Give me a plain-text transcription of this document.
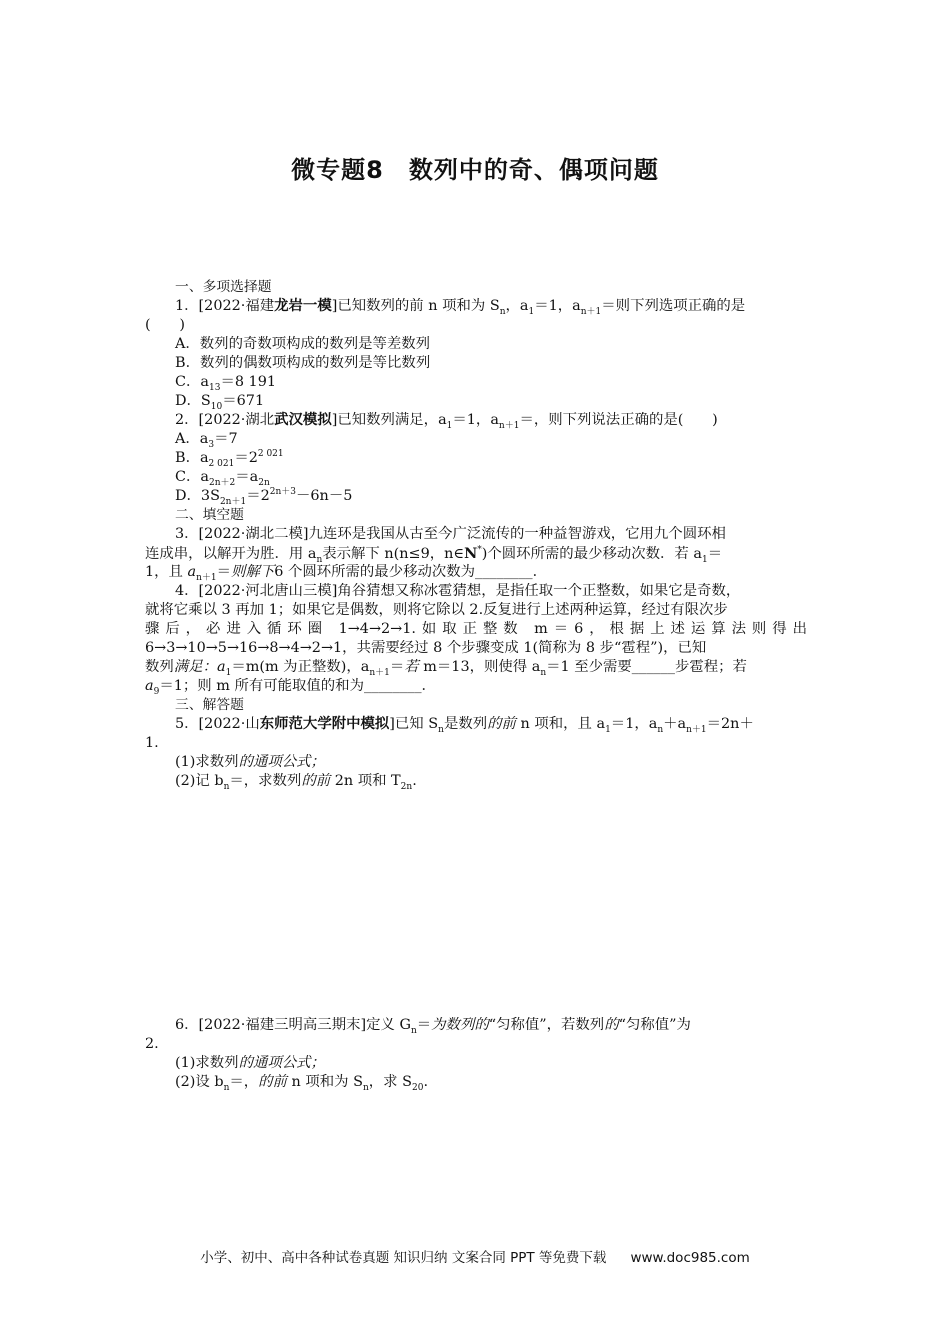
微专题8　数列中的奇、偶项问题
一、多项选择题
1．[2022·福建龙岩一模]已知数列的前 n 项和为 $S_n$，$a_1=1$，$a_{n+1}=$则下列选项正确的是
(　　)
A．数列的奇数项构成的数列是等差数列
B．数列的偶数项构成的数列是等比数列
C．$a_{13}=8$ 191
D．$S_{10}=671$
2．[2022·湖北武汉模拟]已知数列满足，$a_1=1$，$a_{n+1}=$，则下列说法正确的是(　　)
A．$a_3=7$
B．$a_{2 021}=2^{2 021}$
C．$a_{2n+2}=a_{2n}$
D．$3S_{2n+1}=2^{2n+3}-6n-5$
二、填空题
3．[2022·湖北二模]九连环是我国从古至今广泛流传的一种益智游戏，它用九个圆环相
连成串，以解开为胜．用 $a_n$表示解下 n(n≤9，n∈N*)个圆环所需的最少移动次数．若 $a_1=$
1，且 $a_{n+1}=$则解下6 个圆环所需的最少移动次数为________．
4．[2022·河北唐山三模]角谷猜想又称冰雹猜想，是指任取一个正整数，如果它是奇数，
就将它乘以 3 再加 1；如果它是偶数，则将它除以 2.反复进行上述两种运算，经过有限次步
骤后，必进入循环圈 1→4→2→1.如取正整数 m＝6，根据上述运算法则得出
6→3→10→5→16→8→4→2→1，共需要经过 8 个步骤变成 1(简称为 8 步“雹程”)，已知
数列满足：$a_1=m(m$ 为正整数)，$a_{n+1}=$若 m＝13，则使得 $a_n=1$ 至少需要______步雹程；若
$a_9=1$；则 m 所有可能取值的和为________．
三、解答题
5．[2022·山东师范大学附中模拟]已知 $S_n$是数列的前 n 项和，且 $a_1=1$，$a_n+a_{n+1}=2n+$
1.
(1)求数列的通项公式；
(2)记 $b_n=$，求数列的前 2n 项和 $T_{2n}$.
6．[2022·福建三明高三期末]定义 $G_n=$为数列的“匀称值”，若数列的“匀称值”为
2.
(1)求数列的通项公式；
(2)设 $b_n=$，的前 n 项和为 $S_n$，求 $S_{20}$.
小学、初中、高中各种试卷真题 知识归纳 文案合同 PPT 等免费下载 www.doc985.com
